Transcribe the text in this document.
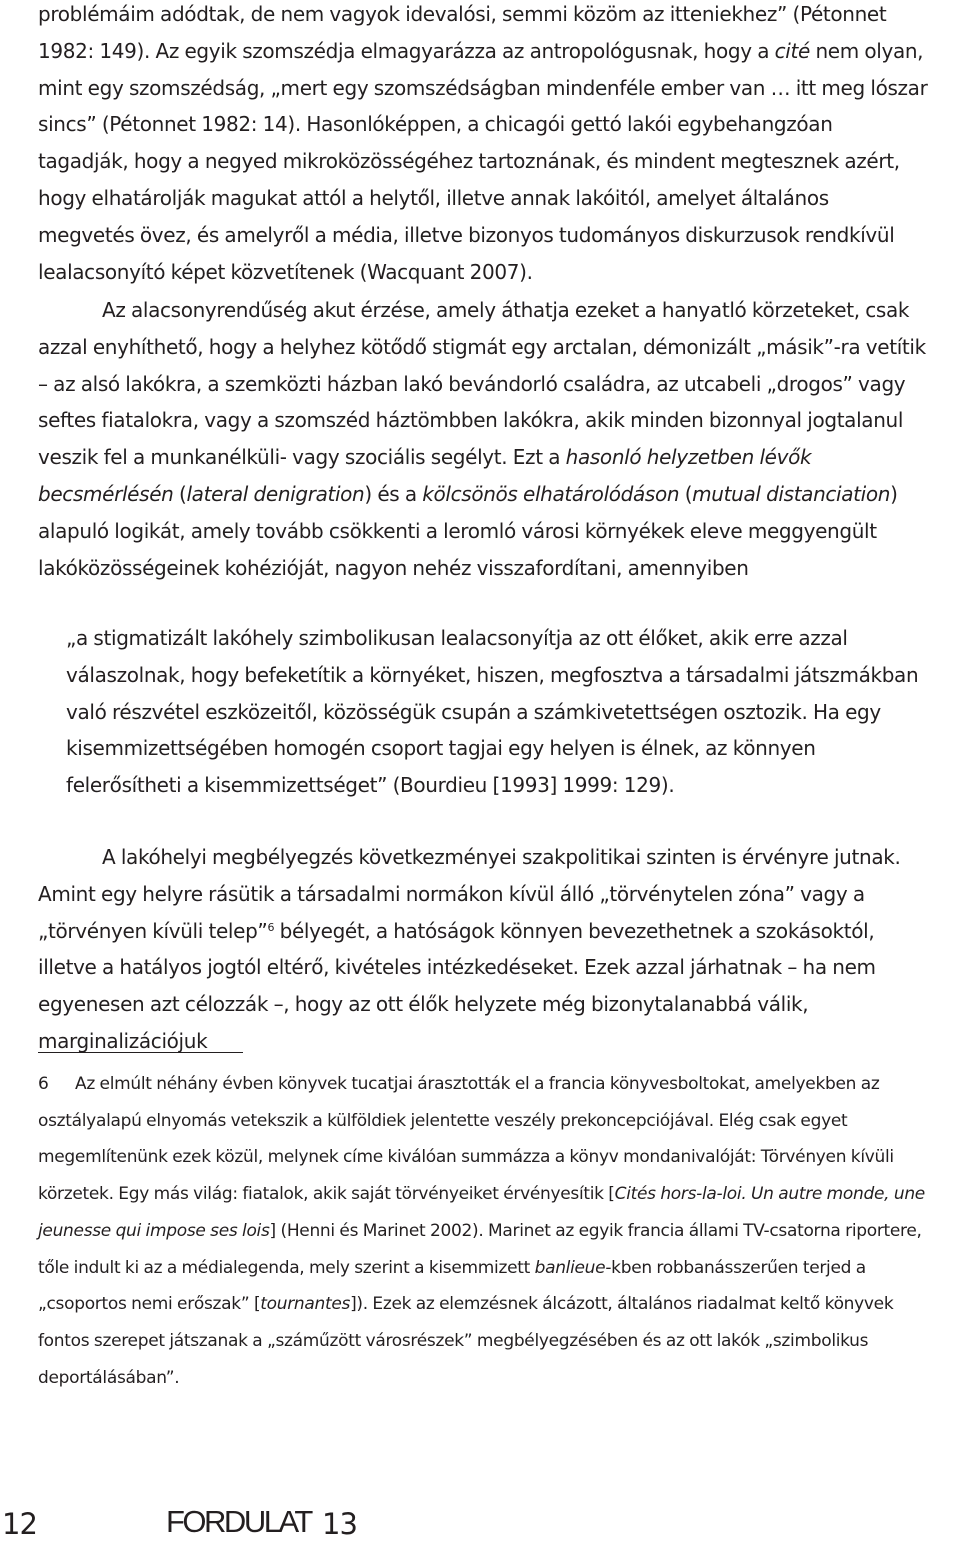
problémáim adódtak, de nem vagyok idevalósi, semmi közöm az itteniekhez” (Pétonnet 1982: 149). Az egyik szomszédja elmagyarázza az antropológusnak, hogy a cité nem olyan, mint egy szomszédság, „mert egy szomszédságban mindenféle ember van … itt meg lószar sincs” (Pétonnet 1982: 14). Hasonlóképpen, a chicagói gettó lakói egybehangzóan tagadják, hogy a negyed mikroközösségéhez tartoznának, és mindent megtesznek azért, hogy elhatárolják magukat attól a helytől, illetve annak lakóitól, amelyet általános megvetés övez, és amelyről a média, illetve bizonyos tudományos diskurzusok rendkívül lealacsonyító képet közvetítenek (Wacquant 2007).

Az alacsonyrendűség akut érzése, amely áthatja ezeket a hanyatló körzeteket, csak azzal enyhíthető, hogy a helyhez kötődő stigmát egy arctalan, démonizált „másik”-ra vetítik – az alsó lakókra, a szemközti házban lakó bevándorló családra, az utcabeli „drogos” vagy seftes fiatalokra, vagy a szomszéd háztömbben lakókra, akik minden bizonnyal jogtalanul veszik fel a munkanélküli- vagy szociális segélyt. Ezt a hasonló helyzetben lévők becsmérlésén (lateral denigration) és a kölcsönös elhatárolódáson (mutual distanciation) alapuló logikát, amely tovább csökkenti a leromló városi környékek eleve meggyengült lakóközösségeinek kohézióját, nagyon nehéz visszafordítani, amennyiben

„a stigmatizált lakóhely szimbolikusan lealacsonyítja az ott élőket, akik erre azzal válaszolnak, hogy befeketítik a környéket, hiszen, megfosztva a társadalmi játszmákban való részvétel eszközeitől, közösségük csupán a számkivetettségen osztozik. Ha egy kisemmizettségében homogén csoport tagjai egy helyen is élnek, az könnyen felerősítheti a kisemmizettséget” (Bourdieu [1993] 1999: 129).

A lakóhelyi megbélyegzés következményei szakpolitikai szinten is érvényre jutnak. Amint egy helyre rásütik a társadalmi normákon kívül álló „törvénytelen zóna” vagy a „törvényen kívüli telep”$^6$ bélyegét, a hatóságok könnyen bevezethetnek a szokásoktól, illetve a hatályos jogtól eltérő, kivételes intézkedéseket. Ezek azzal járhatnak – ha nem egyenesen azt célozzák –, hogy az ott élők helyzete még bizonytalanabbá válik, marginalizációjuk

6 Az elmúlt néhány évben könyvek tucatjai árasztották el a francia könyvesboltokat, amelyekben az osztályalapú elnyomás vetekszik a külföldiek jelentette veszély prekoncepciójával. Elég csak egyet megemlítenünk ezek közül, melynek címe kiválóan summázza a könyv mondanivalóját: Törvényen kívüli körzetek. Egy más világ: fiatalok, akik saját törvényeiket érvényesítik [Cités hors-la-loi. Un autre monde, une jeunesse qui impose ses lois] (Henni és Marinet 2002). Marinet az egyik francia állami TV-csatorna riportere, tőle indult ki az a médialegenda, mely szerint a kisemmizett banlieue-kben robbanásszerűen terjed a „csoportos nemi erőszak” [tournantes]). Ezek az elemzésnek álcázott, általános riadalmat keltő könyvek fontos szerepet játszanak a „száműzött városrészek” megbélyegzésében és az ott lakók „szimbolikus deportálásában”.

12	FORDULAT 13
